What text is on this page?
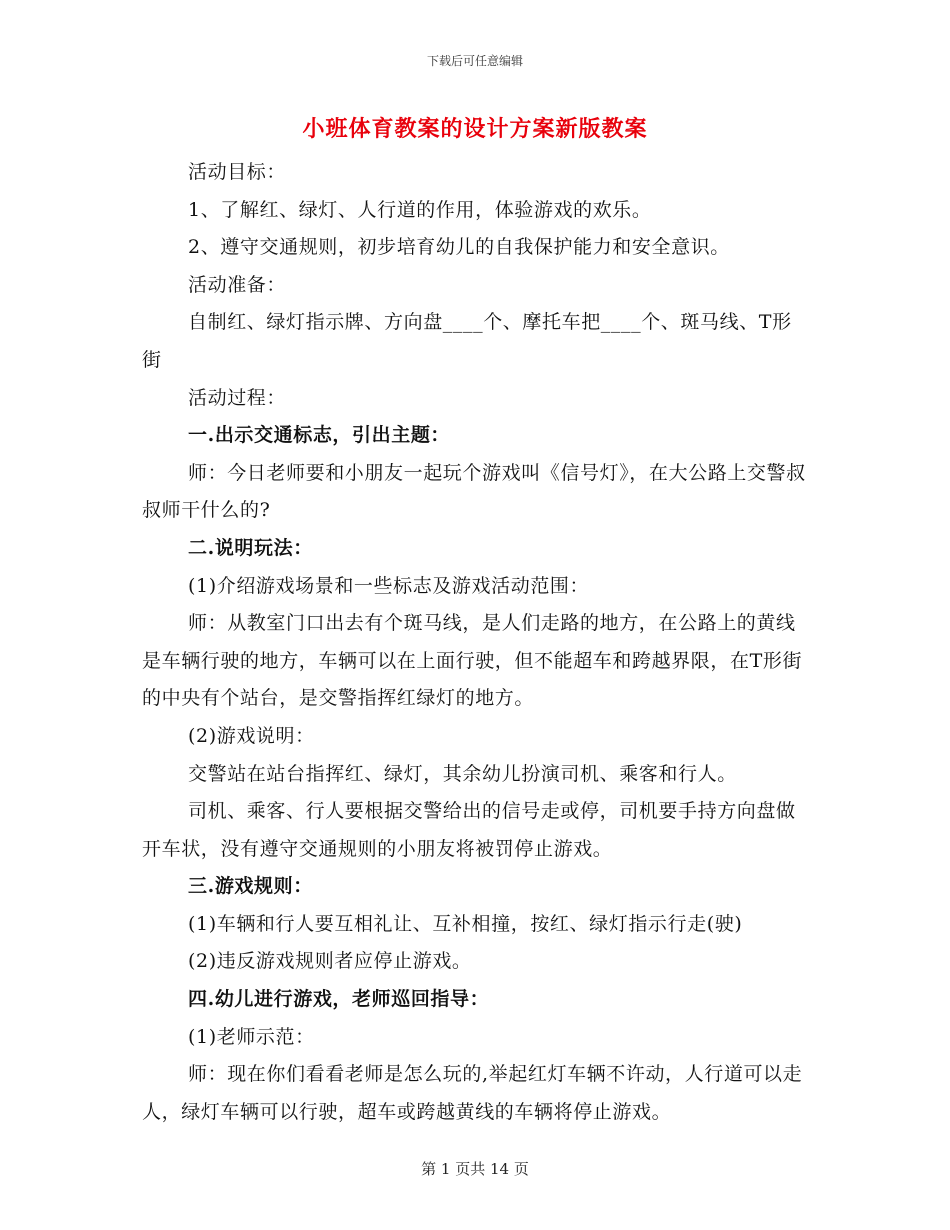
下载后可任意编辑
小班体育教案的设计方案新版教案

活动目标：

1、了解红、绿灯、人行道的作用，体验游戏的欢乐。

2、遵守交通规则，初步培育幼儿的自我保护能力和安全意识。

活动准备：

自制红、绿灯指示牌、方向盘____个、摩托车把____个、斑马线、T形街

活动过程：

一.出示交通标志，引出主题：

师：今日老师要和小朋友一起玩个游戏叫《信号灯》，在大公路上交警叔叔师干什么的?

二.说明玩法：

(1)介绍游戏场景和一些标志及游戏活动范围：

师：从教室门口出去有个斑马线，是人们走路的地方，在公路上的黄线是车辆行驶的地方，车辆可以在上面行驶，但不能超车和跨越界限，在T形街的中央有个站台，是交警指挥红绿灯的地方。

(2)游戏说明：

交警站在站台指挥红、绿灯，其余幼儿扮演司机、乘客和行人。

司机、乘客、行人要根据交警给出的信号走或停，司机要手持方向盘做开车状，没有遵守交通规则的小朋友将被罚停止游戏。

三.游戏规则：

(1)车辆和行人要互相礼让、互补相撞，按红、绿灯指示行走(驶)

(2)违反游戏规则者应停止游戏。

四.幼儿进行游戏，老师巡回指导：

(1)老师示范：

师：现在你们看看老师是怎么玩的,举起红灯车辆不许动，人行道可以走人，绿灯车辆可以行驶，超车或跨越黄线的车辆将停止游戏。

第 1 页共 14 页
